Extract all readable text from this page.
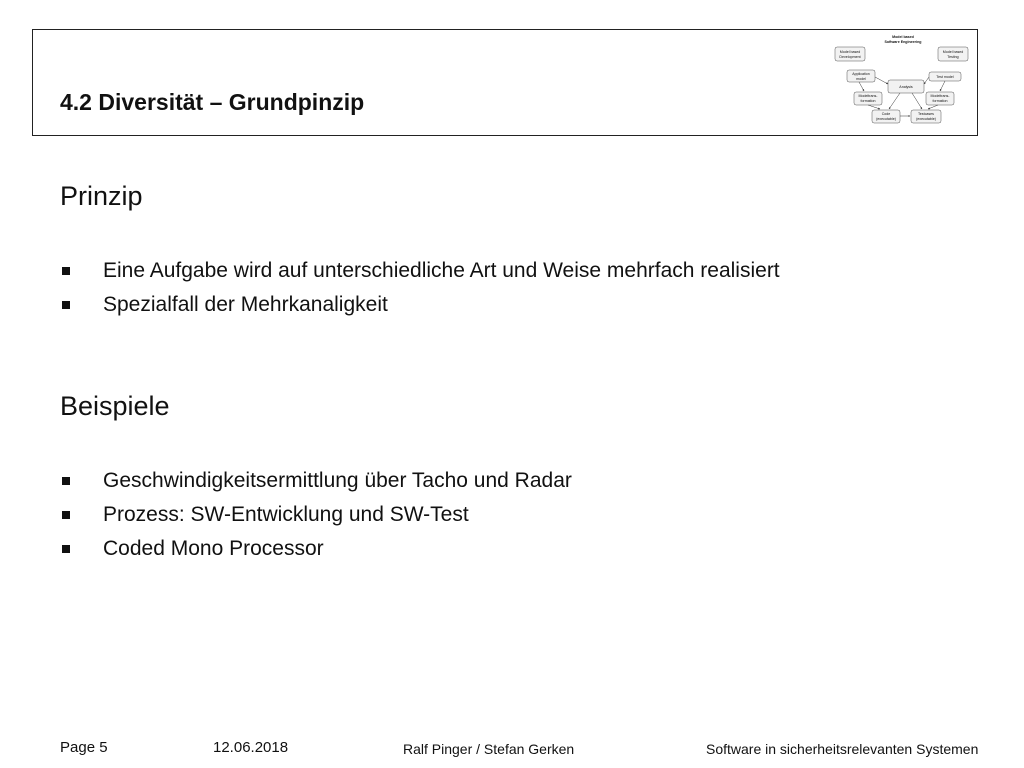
4.2 Diversität – Grundpinzip
Model based
Software Engineering
Model based
Development
Model based
Testing
Application
model	Test model
Analysis
Modeltrans-
formation
Modeltrans-
formation
Code
(executable)
Testcases
(executable)
Prinzip
Eine Aufgabe wird auf unterschiedliche Art und Weise mehrfach realisiert
Spezialfall der Mehrkanaligkeit
Beispiele
Geschwindigkeitsermittlung über Tacho und Radar
Prozess: SW-Entwicklung und SW-Test
Coded Mono Processor
Page 5	12.06.2018	Ralf Pinger / Stefan Gerken	Software in sicherheitsrelevanten Systemen
